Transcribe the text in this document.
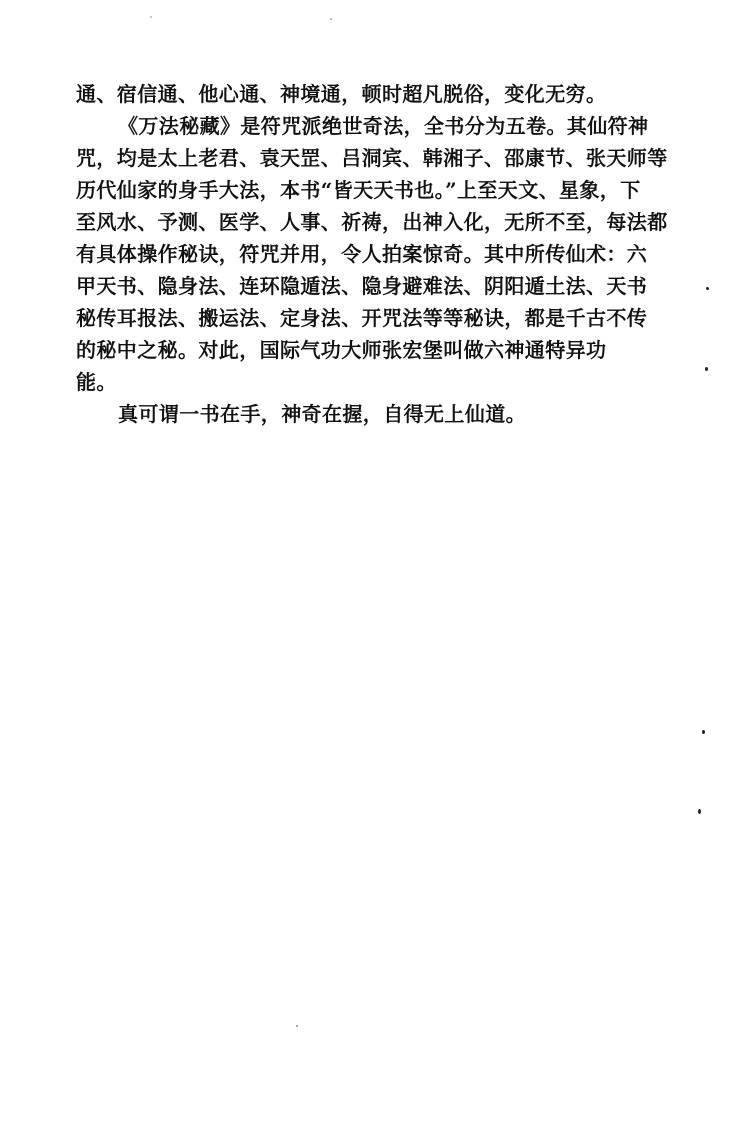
通、宿信通、他心通、神境通，顿时超凡脱俗，变化无穷。
《万法秘藏》是符咒派绝世奇法，全书分为五卷。其仙符神
咒，均是太上老君、袁天罡、吕洞宾、韩湘子、邵康节、张天师等
历代仙家的身手大法，本书“皆天天书也。”上至天文、星象，下
至风水、予测、医学、人事、祈祷，出神入化，无所不至，每法都
有具体操作秘诀，符咒并用，令人拍案惊奇。其中所传仙术：六
甲天书、隐身法、连环隐遁法、隐身避难法、阴阳遁土法、天书
秘传耳报法、搬运法、定身法、开咒法等等秘诀，都是千古不传
的秘中之秘。对此，国际气功大师张宏堡叫做六神通特异功
能。
真可谓一书在手，神奇在握，自得无上仙道。
